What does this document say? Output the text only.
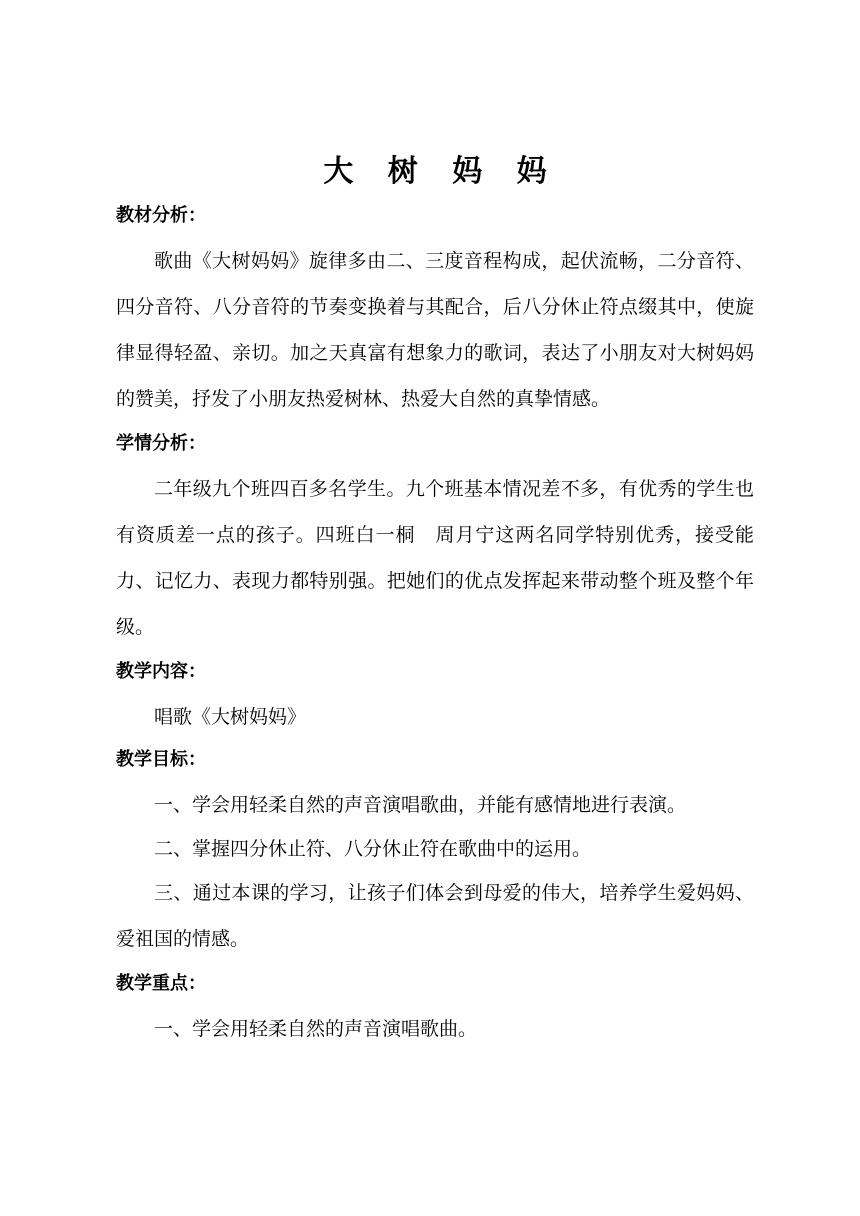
大 树 妈 妈
教材分析：

歌曲《大树妈妈》旋律多由二、三度音程构成，起伏流畅，二分音符、四分音符、八分音符的节奏变换着与其配合，后八分休止符点缀其中，使旋律显得轻盈、亲切。加之天真富有想象力的歌词，表达了小朋友对大树妈妈的赞美，抒发了小朋友热爱树林、热爱大自然的真挚情感。

学情分析：

二年级九个班四百多名学生。九个班基本情况差不多，有优秀的学生也有资质差一点的孩子。四班白一桐　周月宁这两名同学特别优秀，接受能力、记忆力、表现力都特别强。把她们的优点发挥起来带动整个班及整个年级。

教学内容：

唱歌《大树妈妈》

教学目标：

一、学会用轻柔自然的声音演唱歌曲，并能有感情地进行表演。

二、掌握四分休止符、八分休止符在歌曲中的运用。

三、通过本课的学习，让孩子们体会到母爱的伟大，培养学生爱妈妈、爱祖国的情感。

教学重点：

一、学会用轻柔自然的声音演唱歌曲。
